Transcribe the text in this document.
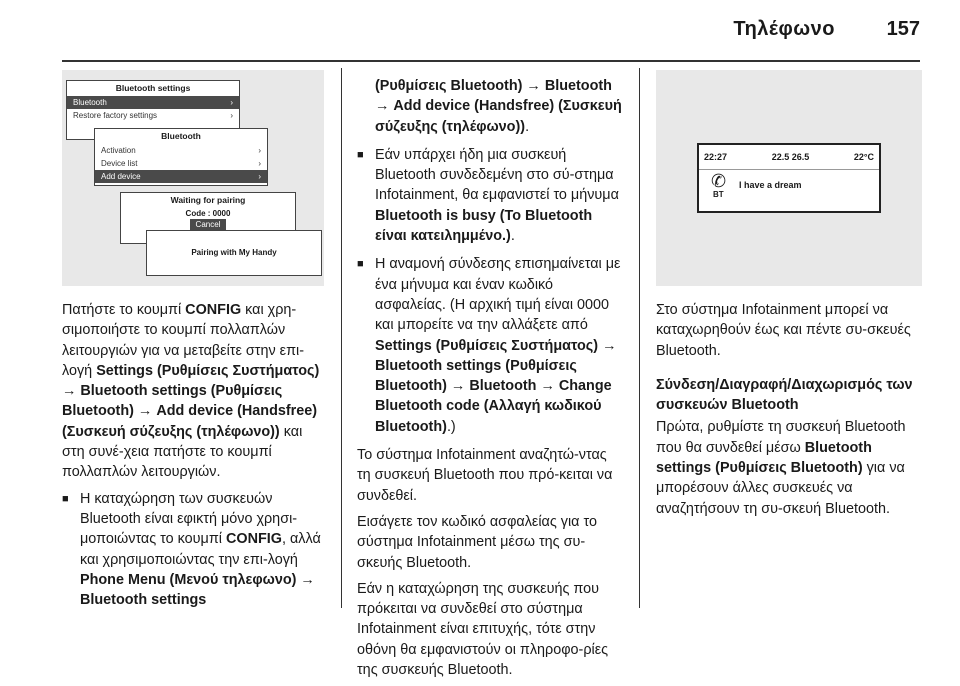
Τηλέφωνο	157
Bluetooth settings
Bluetooth	›
Restore factory settings	›
Bluetooth
Activation	›
Device list	›
Add device	›
Waiting for pairing
Code : 0000
Cancel
Pairing with My Handy

Πατήστε το κουμπί CONFIG και χρη-σιμοποιήστε το κουμπί πολλαπλών λειτουργιών για να μεταβείτε στην επι-λογή Settings (Ρυθμίσεις Συστήματος) → Bluetooth settings (Ρυθμίσεις Bluetooth) → Add device (Handsfree) (Συσκευή σύζευξης (τηλέφωνο)) και στη συνέ-χεια πατήστε το κουμπί πολλαπλών λειτουργιών.

■ Η καταχώρηση των συσκευών Bluetooth είναι εφικτή μόνο χρησι-μοποιώντας το κουμπί CONFIG, αλλά και χρησιμοποιώντας την επι-λογή Phone Menu (Μενού τηλεφωνο) → Bluetooth settings

(Ρυθμίσεις Bluetooth) → Bluetooth → Add device (Handsfree) (Συσκευή σύζευξης (τηλέφωνο)).

■ Εάν υπάρχει ήδη μια συσκευή Bluetooth συνδεδεμένη στο σύ-στημα Infotainment, θα εμφανιστεί το μήνυμα Bluetooth is busy (Το Bluetooth είναι κατειλημμένο.).
■ Η αναμονή σύνδεσης επισημαίνεται με ένα μήνυμα και έναν κωδικό ασφαλείας. (Η αρχική τιμή είναι 0000 και μπορείτε να την αλλάξετε από Settings (Ρυθμίσεις Συστήματος) → Bluetooth settings (Ρυθμίσεις Bluetooth) → Bluetooth → Change Bluetooth code (Αλλαγή κωδικού Bluetooth).)

Το σύστημα Infotainment αναζητώ-ντας τη συσκευή Bluetooth που πρό-κειται να συνδεθεί.

Εισάγετε τον κωδικό ασφαλείας για το σύστημα Infotainment μέσω της συ-σκευής Bluetooth.

Εάν η καταχώρηση της συσκευής που πρόκειται να συνδεθεί στο σύστημα Infotainment είναι επιτυχής, τότε στην οθόνη θα εμφανιστούν οι πληροφο-ρίες της συσκευής Bluetooth.

22:27	22.5 26.5	22°C
✆ I have a dream
BT

Στο σύστημα Infotainment μπορεί να καταχωρηθούν έως και πέντε συ-σκευές Bluetooth.

Σύνδεση/Διαγραφή/Διαχωρισμός των συσκευών Bluetooth

Πρώτα, ρυθμίστε τη συσκευή Bluetooth που θα συνδεθεί μέσω Bluetooth settings (Ρυθμίσεις Bluetooth) για να μπορέσουν άλλες συσκευές να αναζητήσουν τη συ-σκευή Bluetooth.
